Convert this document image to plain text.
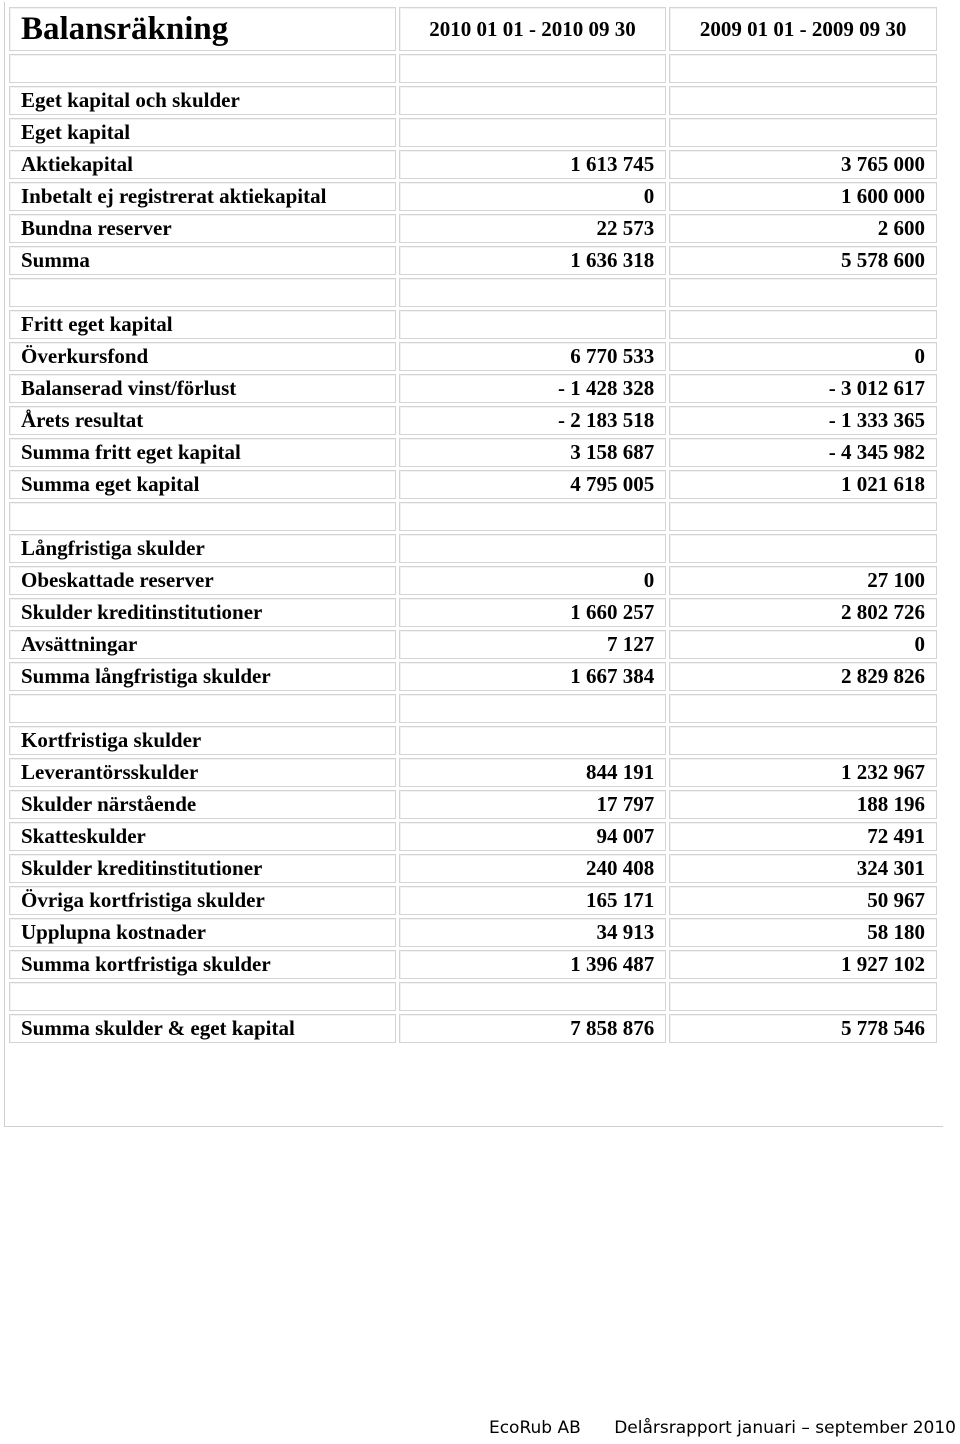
Balansräkning	2010 01 01 - 2010 09 30	2009 01 01 - 2009 09 30

Eget kapital och skulder		
Eget kapital		
Aktiekapital	1 613 745	3 765 000
Inbetalt ej registrerat aktiekapital	0	1 600 000
Bundna reserver	22 573	2 600
Summa	1 636 318	5 578 600

Fritt eget kapital		
Överkursfond	6 770 533	0
Balanserad vinst/förlust	- 1 428 328	- 3 012 617
Årets resultat	- 2 183 518	- 1 333 365
Summa fritt eget kapital	3 158 687	- 4 345 982
Summa eget kapital	4 795 005	1 021 618

Långfristiga skulder		
Obeskattade reserver	0	27 100
Skulder kreditinstitutioner	1 660 257	2 802 726
Avsättningar	7 127	0
Summa långfristiga skulder	1 667 384	2 829 826

Kortfristiga skulder		
Leverantörsskulder	844 191	1 232 967
Skulder närstående	17 797	188 196
Skatteskulder	94 007	72 491
Skulder kreditinstitutioner	240 408	324 301
Övriga kortfristiga skulder	165 171	50 967
Upplupna kostnader	34 913	58 180
Summa kortfristiga skulder	1 396 487	1 927 102

Summa skulder & eget kapital	7 858 876	5 778 546
EcoRub AB Delårsrapport januari – september 2010
